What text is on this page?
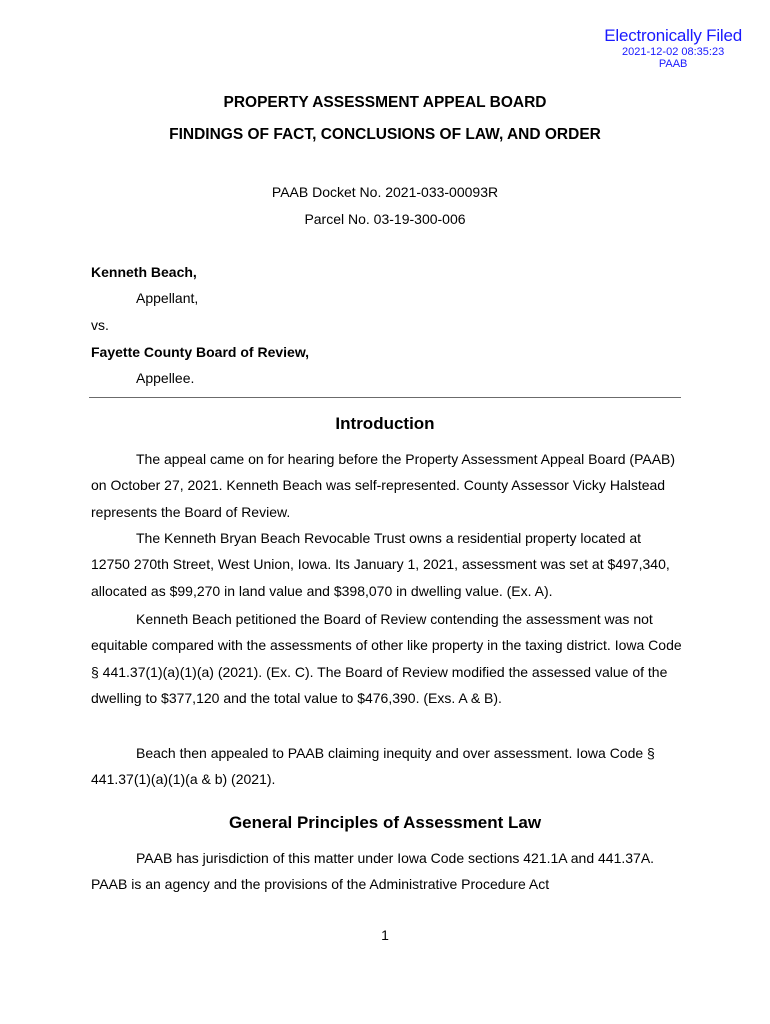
Electronically Filed
2021-12-02 08:35:23
PAAB
PROPERTY ASSESSMENT APPEAL BOARD
FINDINGS OF FACT, CONCLUSIONS OF LAW, AND ORDER
PAAB Docket No. 2021-033-00093R
Parcel No. 03-19-300-006
Kenneth Beach,
Appellant,
vs.
Fayette County Board of Review,
Appellee.
Introduction

The appeal came on for hearing before the Property Assessment Appeal Board (PAAB) on October 27, 2021. Kenneth Beach was self-represented. County Assessor Vicky Halstead represents the Board of Review.

The Kenneth Bryan Beach Revocable Trust owns a residential property located at 12750 270th Street, West Union, Iowa. Its January 1, 2021, assessment was set at $497,340, allocated as $99,270 in land value and $398,070 in dwelling value. (Ex. A).

Kenneth Beach petitioned the Board of Review contending the assessment was not equitable compared with the assessments of other like property in the taxing district. Iowa Code § 441.37(1)(a)(1)(a) (2021). (Ex. C). The Board of Review modified the assessed value of the dwelling to $377,120 and the total value to $476,390. (Exs. A & B).

Beach then appealed to PAAB claiming inequity and over assessment. Iowa Code § 441.37(1)(a)(1)(a & b) (2021).

General Principles of Assessment Law

PAAB has jurisdiction of this matter under Iowa Code sections 421.1A and 441.37A. PAAB is an agency and the provisions of the Administrative Procedure Act

1
